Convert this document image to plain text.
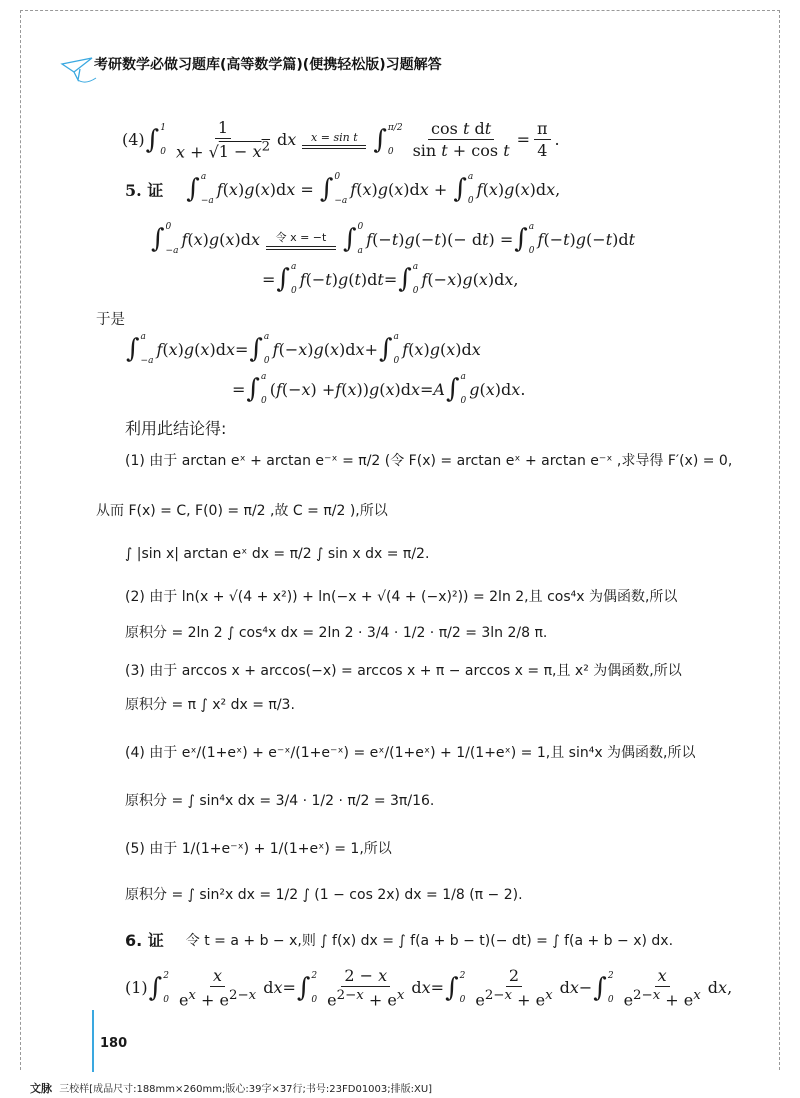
考研数学必做习题库(高等数学篇)(便携轻松版)习题解答
(4) ∫ 1
$0 \frac{1}{x + √1 - x^2}$ dx x = sin t ∫ π/2
$0 \frac{\text{cos t dt}}{\text{sin t + cos t}} = \frac{\pi}{4}$ .
5. 证 ∫ a
−a
f ( x ) g ( x )d x = ∫ 0
−a
f ( x ) g ( x )d x + ∫ a
0
f ( x ) g ( x )d x ,
∫ 0
−a
f ( x ) g ( x )d x 令 x = −t ∫ 0
a
f (− t ) g (− t )(− d t ) = ∫ a
0
f (− t ) g (− t )d t
= ∫ a
0
f (− t ) g ( t )d t = ∫ a
0
f (− x ) g ( x )d x ,
于是
∫ a
−a
f ( x ) g ( x )d x = ∫ a
0
f (− x ) g ( x )d x + ∫ a
0
f ( x ) g ( x )d x
= ∫ a
0
( f (− x ) + f ( x )) g ( x )d x = A ∫ a
0
g ( x )d x .
利用此结论得:
(1) 由于 arctan eˣ + arctan e⁻ˣ = π/2 (令 F(x) = arctan eˣ + arctan e⁻ˣ ,求导得 F′(x) = 0,
从而 F(x) = C, F(0) = π/2 ,故 C = π/2 ),所以
∫ |sin x| arctan eˣ dx = π/2 ∫ sin x dx = π/2.
(2) 由于 ln(x + √(4 + x²)) + ln(−x + √(4 + (−x)²)) = 2ln 2,且 cos⁴x 为偶函数,所以
原积分 = 2ln 2 ∫ cos⁴x dx = 2ln 2 · 3/4 · 1/2 · π/2 = 3ln 2/8 π.
(3) 由于 arccos x + arccos(−x) = arccos x + π − arccos x = π,且 x² 为偶函数,所以
原积分 = π ∫ x² dx = π/3.
(4) 由于 eˣ/(1+eˣ) + e⁻ˣ/(1+e⁻ˣ) = eˣ/(1+eˣ) + 1/(1+eˣ) = 1,且 sin⁴x 为偶函数,所以
原积分 = ∫ sin⁴x dx = 3/4 · 1/2 · π/2 = 3π/16.
(5) 由于 1/(1+e⁻ˣ) + 1/(1+eˣ) = 1,所以
原积分 = ∫ sin²x dx = 1/2 ∫ (1 − cos 2x) dx = 1/8 (π − 2).
6. 证 令 t = a + b − x,则 ∫ f(x) dx = ∫ f(a + b − t)(− dt) = ∫ f(a + b − x) dx.
(1) ∫ 2
$0 \frac{x}{e^x + e^{2-x}}$ d x = ∫ 2
$0 \frac{2 - x}{e^{2-x} + e^x}$ d x = ∫ 2
$0 \frac{2}{e^{2-x} + e^x}$ d x − ∫ 2
$0 \frac{x}{e^{2-x} + e^x}$ d x ,
180
文脉 三校样[成品尺寸:188mm×260mm;版心:39字×37行;书号:23FD01003;排版:XU]
